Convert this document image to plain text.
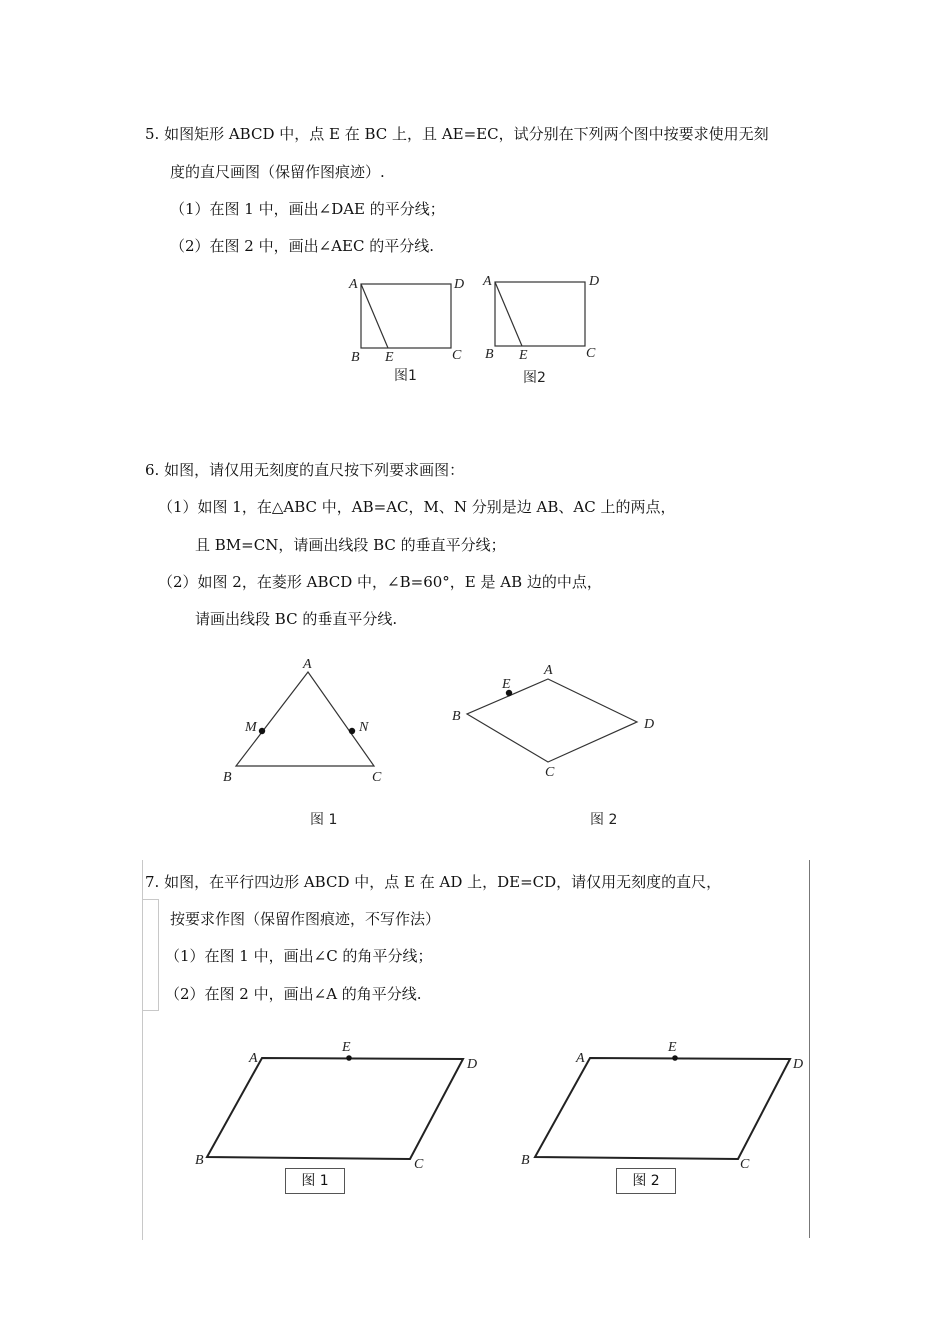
5. 如图矩形 ABCD 中，点 E 在 BC 上，且 AE=EC，试分别在下列两个图中按要求使用无刻
度的直尺画图（保留作图痕迹）.
（1）在图 1 中，画出∠DAE 的平分线；
（2）在图 2 中，画出∠AEC 的平分线.
6. 如图，请仅用无刻度的直尺按下列要求画图：
（1）如图 1，在△ABC 中，AB=AC，M、N 分别是边 AB、AC 上的两点，
且 BM=CN，请画出线段 BC 的垂直平分线；
（2）如图 2，在菱形 ABCD 中，∠B=60°，E 是 AB 边的中点，
请画出线段 BC 的垂直平分线.
7. 如图，在平行四边形 ABCD 中，点 E 在 AD 上，DE=CD，请仅用无刻度的直尺，
按要求作图（保留作图痕迹，不写作法）
（1）在图 1 中，画出∠C 的角平分线；
（2）在图 2 中，画出∠A 的角平分线.
A	D
B E	C
图1
A	D
B E	C
图2
A
M	N
B	C
图 1
A
E
B
D
C
图 2
A
E
D
B	C
A
E
D
B	C
图 1	图 2
